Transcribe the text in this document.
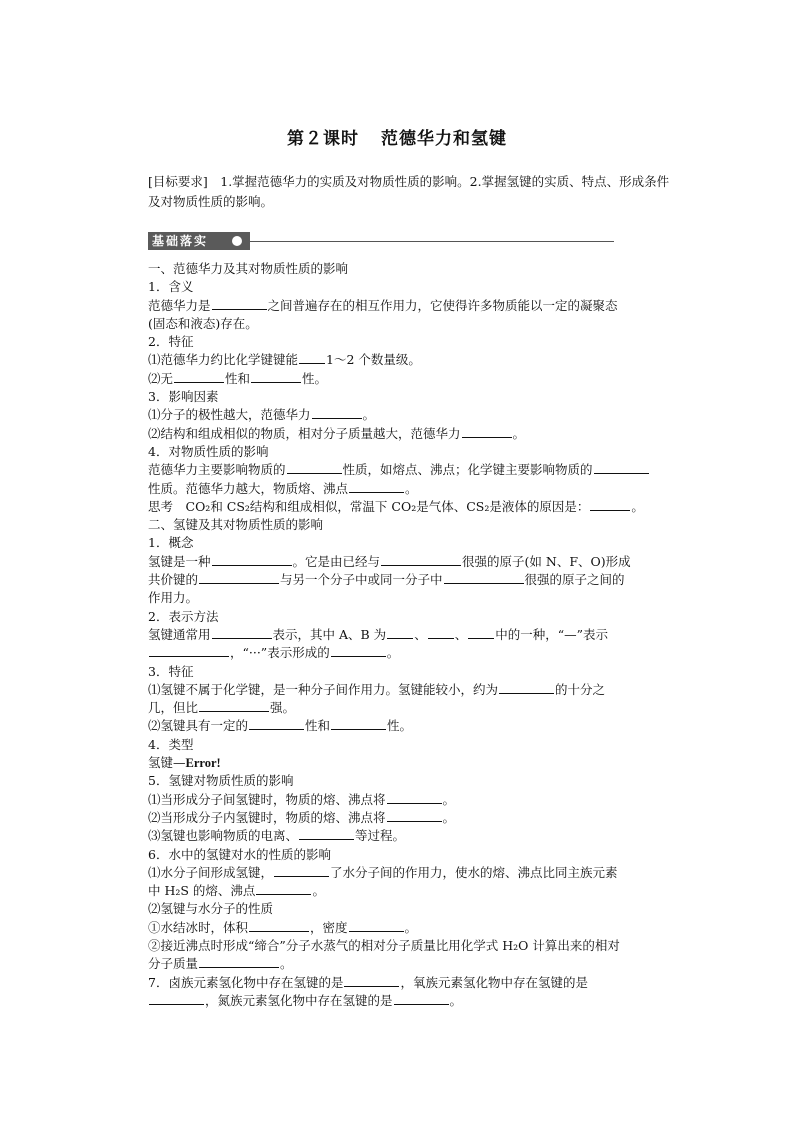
第２课时 范德华力和氢键
[目标要求]　1.掌握范德华力的实质及对物质性质的影响。2.掌握氢键的实质、特点、形成条件及对物质性质的影响。
基础落实
一、范德华力及其对物质性质的影响
1．含义
范德华力是	之间普遍存在的相互作用力，它使得许多物质能以一定的凝聚态
(固态和液态)存在。
2．特征
⑴范德华力约比化学键键能 1～2 个数量级。
⑵无	性和	性。
3．影响因素
⑴分子的极性越大，范德华力	。
⑵结构和组成相似的物质，相对分子质量越大，范德华力	。
4．对物质性质的影响
范德华力主要影响物质的	性质，如熔点、沸点；化学键主要影响物质的
性质。范德华力越大，物质熔、沸点	。
思考　CO₂和 CS₂结构和组成相似，常温下 CO₂是气体、CS₂是液体的原因是：	。
二、氢键及其对物质性质的影响
1．概念
氢键是一种	。它是由已经与	很强的原子(如 N、F、O)形成
共价键的	与另一个分子中或同一分子中	很强的原子之间的
作用力。
2．表示方法
氢键通常用	表示，其中 A、B 为 、 、 中的一种，“—”表示
，“···”表示形成的	。
3．特征
⑴氢键不属于化学键，是一种分子间作用力。氢键能较小，约为	的十分之
几，但比	强。
⑵氢键具有一定的	性和	性。
4．类型
氢键—Error!
5．氢键对物质性质的影响
⑴当形成分子间氢键时，物质的熔、沸点将	。
⑵当形成分子内氢键时，物质的熔、沸点将	。
⑶氢键也影响物质的电离、	等过程。
6．水中的氢键对水的性质的影响
⑴水分子间形成氢键，	了水分子间的作用力，使水的熔、沸点比同主族元素
中 H₂S 的熔、沸点	。
⑵氢键与水分子的性质
①水结冰时，体积	，密度	。
②接近沸点时形成“缔合”分子水蒸气的相对分子质量比用化学式 H₂O 计算出来的相对
分子质量	。
7．卤族元素氢化物中存在氢键的是	，氧族元素氢化物中存在氢键的是
，氮族元素氢化物中存在氢键的是	。
